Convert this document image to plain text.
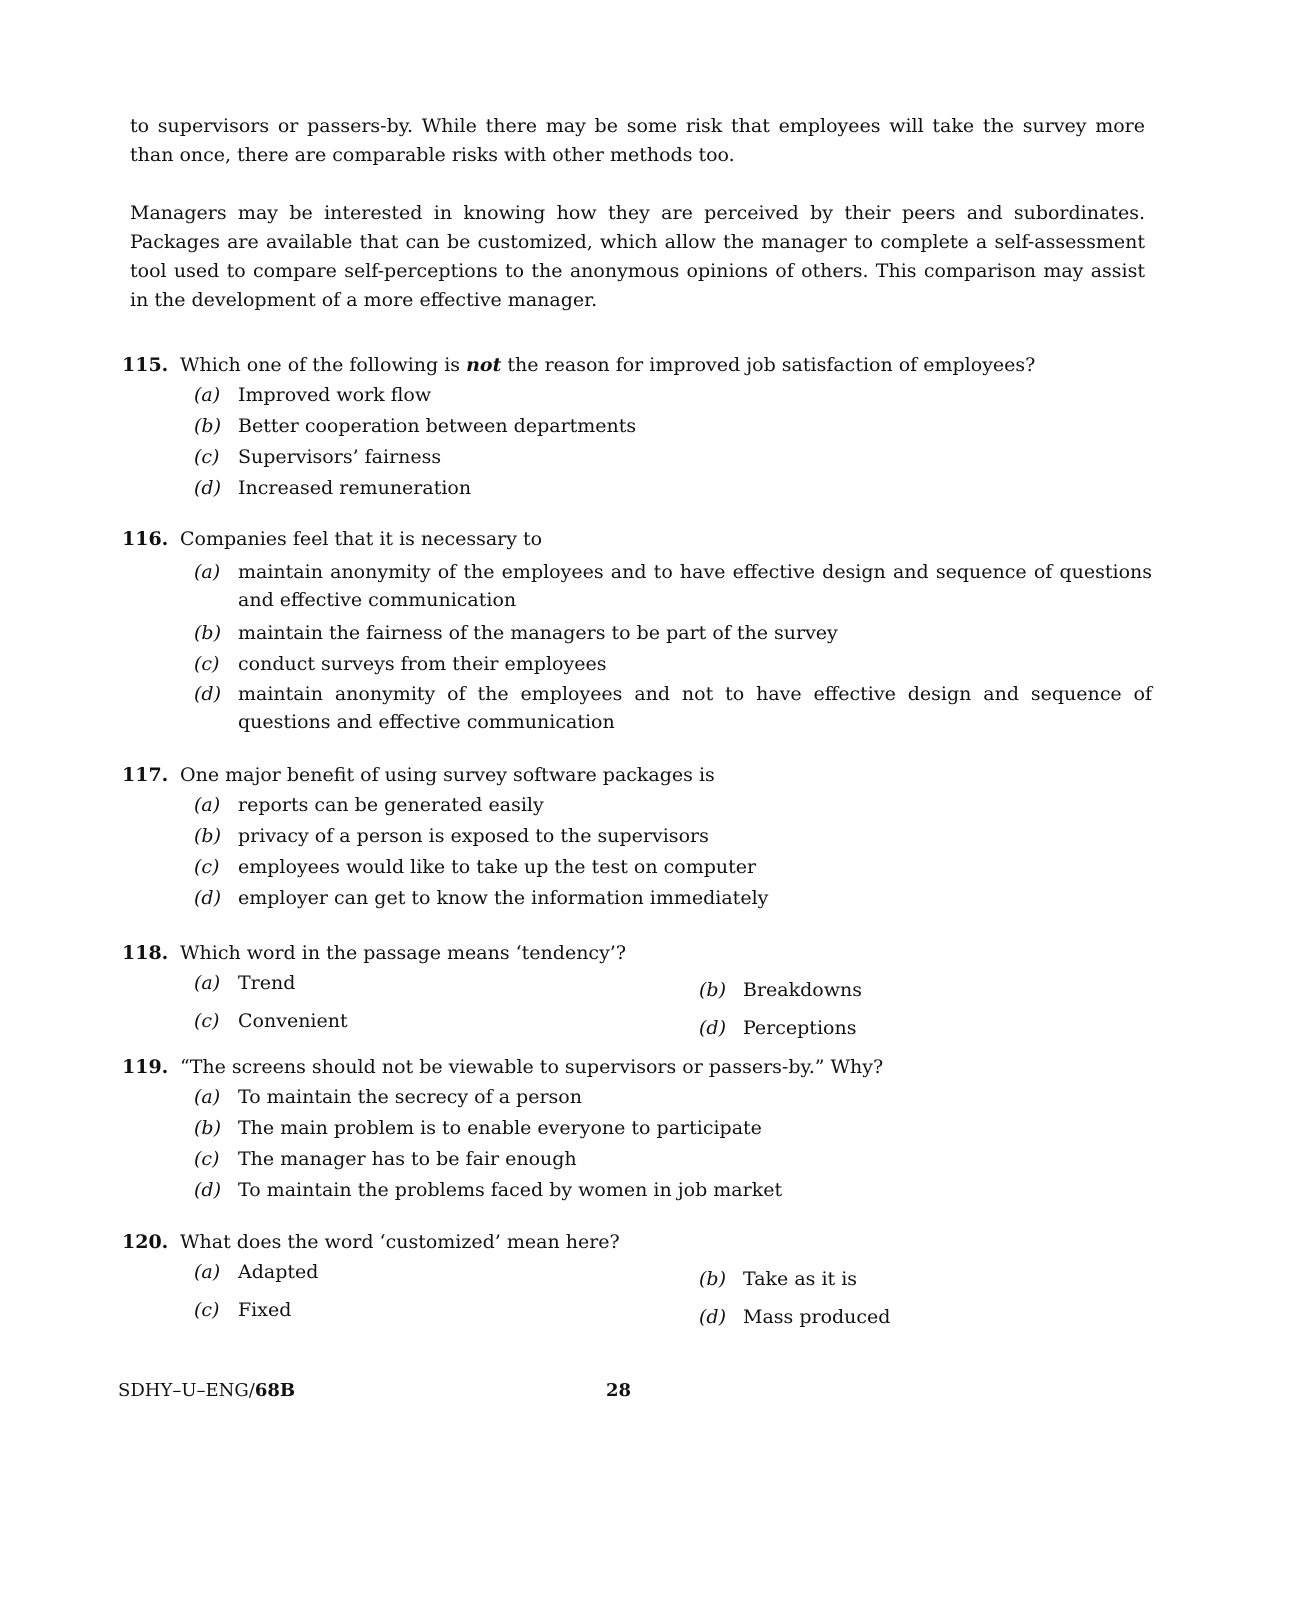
to supervisors or passers-by. While there may be some risk that employees will take the survey more than once, there are comparable risks with other methods too.

Managers may be interested in knowing how they are perceived by their peers and subordinates. Packages are available that can be customized, which allow the manager to complete a self-assessment tool used to compare self-perceptions to the anonymous opinions of others. This comparison may assist in the development of a more effective manager.

115. Which one of the following is not the reason for improved job satisfaction of employees?
(a) Improved work flow
(b) Better cooperation between departments
(c) Supervisors’ fairness
(d) Increased remuneration
116. Companies feel that it is necessary to
(a) maintain anonymity of the employees and to have effective design and sequence of questions and effective communication
(b) maintain the fairness of the managers to be part of the survey
(c) conduct surveys from their employees
(d) maintain anonymity of the employees and not to have effective design and sequence of questions and effective communication
117. One major benefit of using survey software packages is
(a) reports can be generated easily
(b) privacy of a person is exposed to the supervisors
(c) employees would like to take up the test on computer
(d) employer can get to know the information immediately
118. Which word in the passage means ‘tendency’?
(a) Trend	(b) Breakdowns
(c) Convenient	(d) Perceptions
119. “The screens should not be viewable to supervisors or passers-by.” Why?
(a) To maintain the secrecy of a person
(b) The main problem is to enable everyone to participate
(c) The manager has to be fair enough
(d) To maintain the problems faced by women in job market
120. What does the word ‘customized’ mean here?
(a) Adapted	(b) Take as it is
(c) Fixed	(d) Mass produced
SDHY–U–ENG/68B	28
